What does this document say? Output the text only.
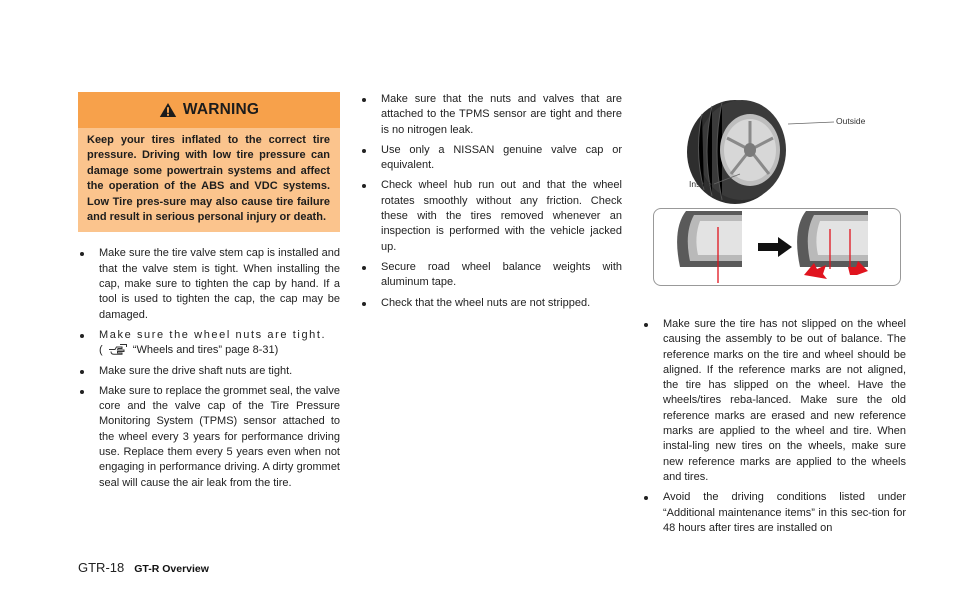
WARNING
Keep your tires inflated to the correct tire pressure. Driving with low tire pressure can damage some powertrain systems and affect the operation of the ABS and VDC systems. Low Tire pres-sure may also cause tire failure and result in serious personal injury or death.
Make sure the tire valve stem cap is installed and that the valve stem is tight. When installing the cap, make sure to tighten the cap by hand. If a tool is used to tighten the cap, the cap may be damaged.
Make sure the wheel nuts are tight.
(	“Wheels and tires” page 8-31)
Make sure the drive shaft nuts are tight.
Make sure to replace the grommet seal, the valve core and the valve cap of the Tire Pressure Monitoring System (TPMS) sensor attached to the wheel every 3 years for performance driving use. Replace them every 5 years even when not engaging in performance driving. A dirty grommet seal will cause the air leak from the tire.
Make sure that the nuts and valves that are attached to the TPMS sensor are tight and there is no nitrogen leak.
Use only a NISSAN genuine valve cap or equivalent.
Check wheel hub run out and that the wheel rotates smoothly without any friction. Check these with the tires removed whenever an inspection is performed with the vehicle jacked up.
Secure road wheel balance weights with aluminum tape.
Check that the wheel nuts are not stripped.
Outside
Inside
Make sure the tire has not slipped on the wheel causing the assembly to be out of balance. The reference marks on the tire and wheel should be aligned. If the reference marks are not aligned, the tire has slipped on the wheel. Have the wheels/tires reba-lanced. Make sure the old reference marks are erased and new reference marks are applied to the wheel and tire. When instal-ling new tires on the wheels, make sure new reference marks are applied to the wheels and tires.
Avoid the driving conditions listed under “Additional maintenance items” in this sec-tion for 48 hours after tires are installed on
GTR-18 GT-R Overview
